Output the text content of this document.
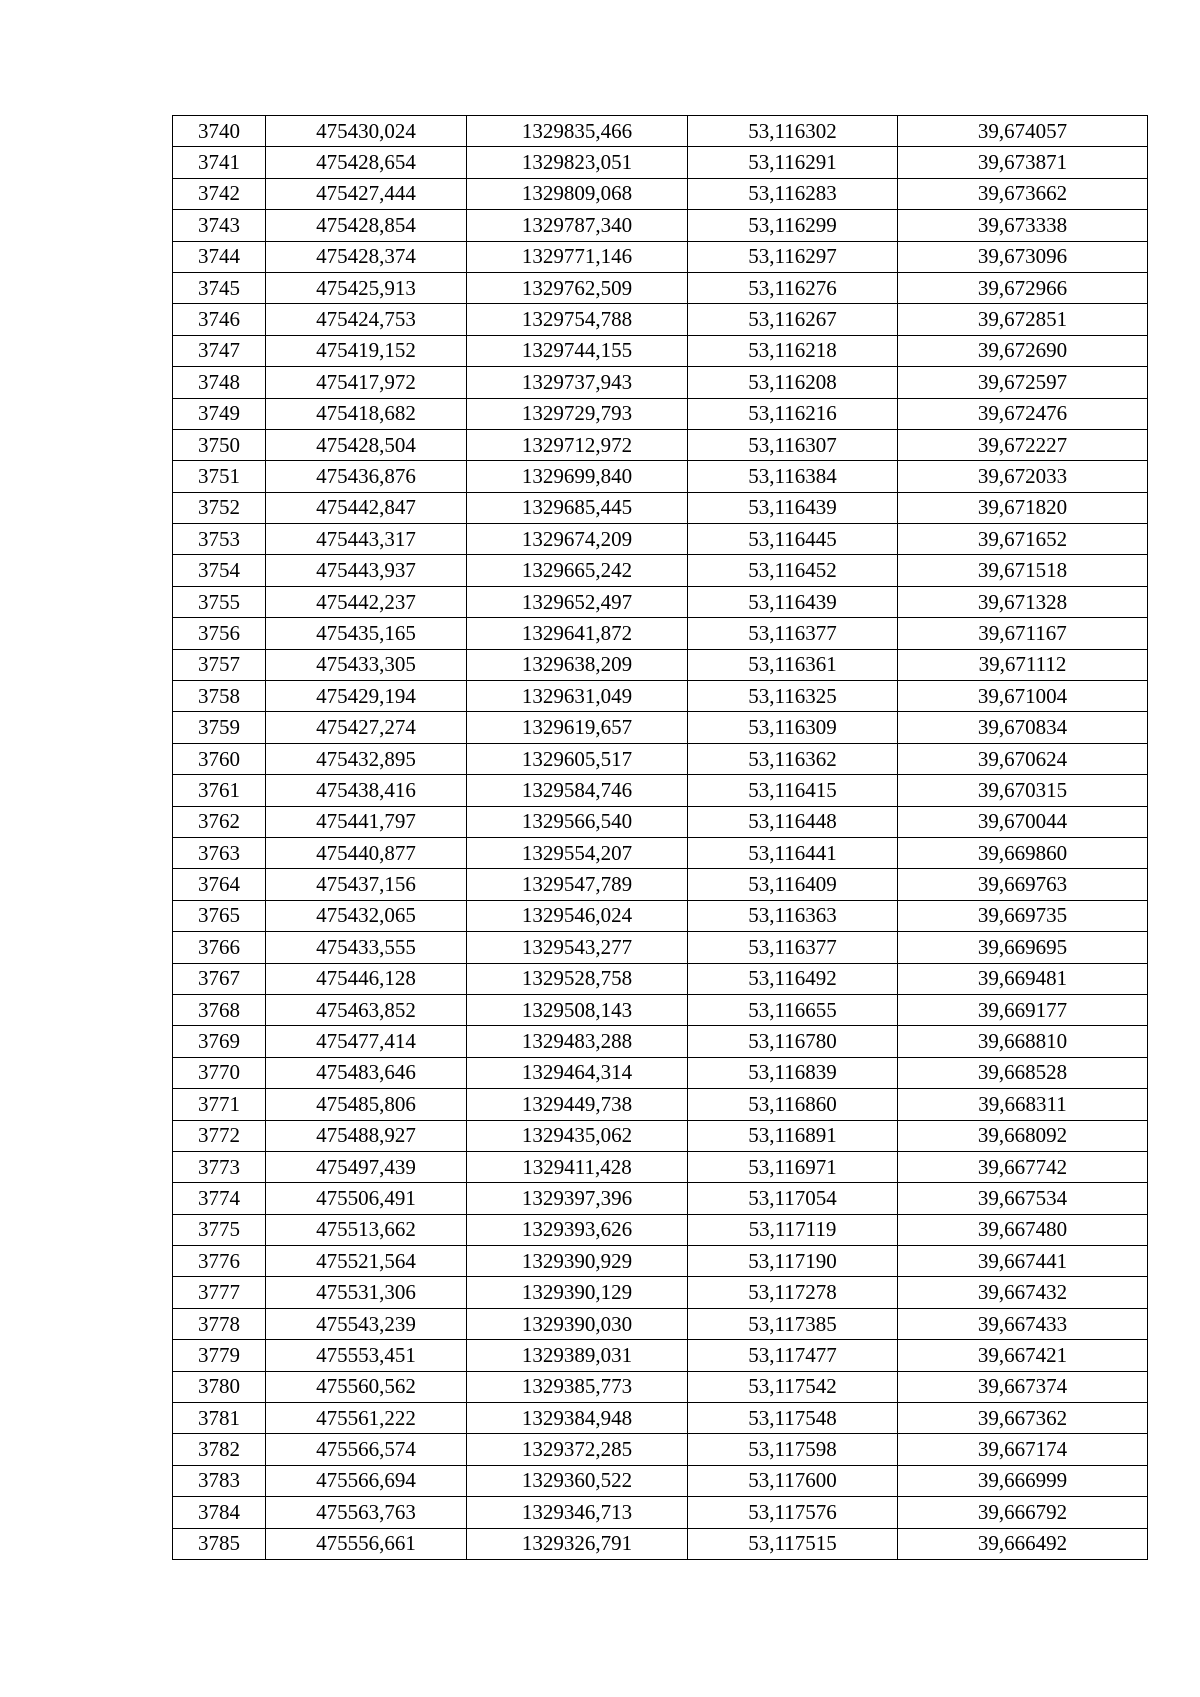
3740	475430,024	1329835,466	53,116302	39,674057
3741	475428,654	1329823,051	53,116291	39,673871
3742	475427,444	1329809,068	53,116283	39,673662
3743	475428,854	1329787,340	53,116299	39,673338
3744	475428,374	1329771,146	53,116297	39,673096
3745	475425,913	1329762,509	53,116276	39,672966
3746	475424,753	1329754,788	53,116267	39,672851
3747	475419,152	1329744,155	53,116218	39,672690
3748	475417,972	1329737,943	53,116208	39,672597
3749	475418,682	1329729,793	53,116216	39,672476
3750	475428,504	1329712,972	53,116307	39,672227
3751	475436,876	1329699,840	53,116384	39,672033
3752	475442,847	1329685,445	53,116439	39,671820
3753	475443,317	1329674,209	53,116445	39,671652
3754	475443,937	1329665,242	53,116452	39,671518
3755	475442,237	1329652,497	53,116439	39,671328
3756	475435,165	1329641,872	53,116377	39,671167
3757	475433,305	1329638,209	53,116361	39,671112
3758	475429,194	1329631,049	53,116325	39,671004
3759	475427,274	1329619,657	53,116309	39,670834
3760	475432,895	1329605,517	53,116362	39,670624
3761	475438,416	1329584,746	53,116415	39,670315
3762	475441,797	1329566,540	53,116448	39,670044
3763	475440,877	1329554,207	53,116441	39,669860
3764	475437,156	1329547,789	53,116409	39,669763
3765	475432,065	1329546,024	53,116363	39,669735
3766	475433,555	1329543,277	53,116377	39,669695
3767	475446,128	1329528,758	53,116492	39,669481
3768	475463,852	1329508,143	53,116655	39,669177
3769	475477,414	1329483,288	53,116780	39,668810
3770	475483,646	1329464,314	53,116839	39,668528
3771	475485,806	1329449,738	53,116860	39,668311
3772	475488,927	1329435,062	53,116891	39,668092
3773	475497,439	1329411,428	53,116971	39,667742
3774	475506,491	1329397,396	53,117054	39,667534
3775	475513,662	1329393,626	53,117119	39,667480
3776	475521,564	1329390,929	53,117190	39,667441
3777	475531,306	1329390,129	53,117278	39,667432
3778	475543,239	1329390,030	53,117385	39,667433
3779	475553,451	1329389,031	53,117477	39,667421
3780	475560,562	1329385,773	53,117542	39,667374
3781	475561,222	1329384,948	53,117548	39,667362
3782	475566,574	1329372,285	53,117598	39,667174
3783	475566,694	1329360,522	53,117600	39,666999
3784	475563,763	1329346,713	53,117576	39,666792
3785	475556,661	1329326,791	53,117515	39,666492
